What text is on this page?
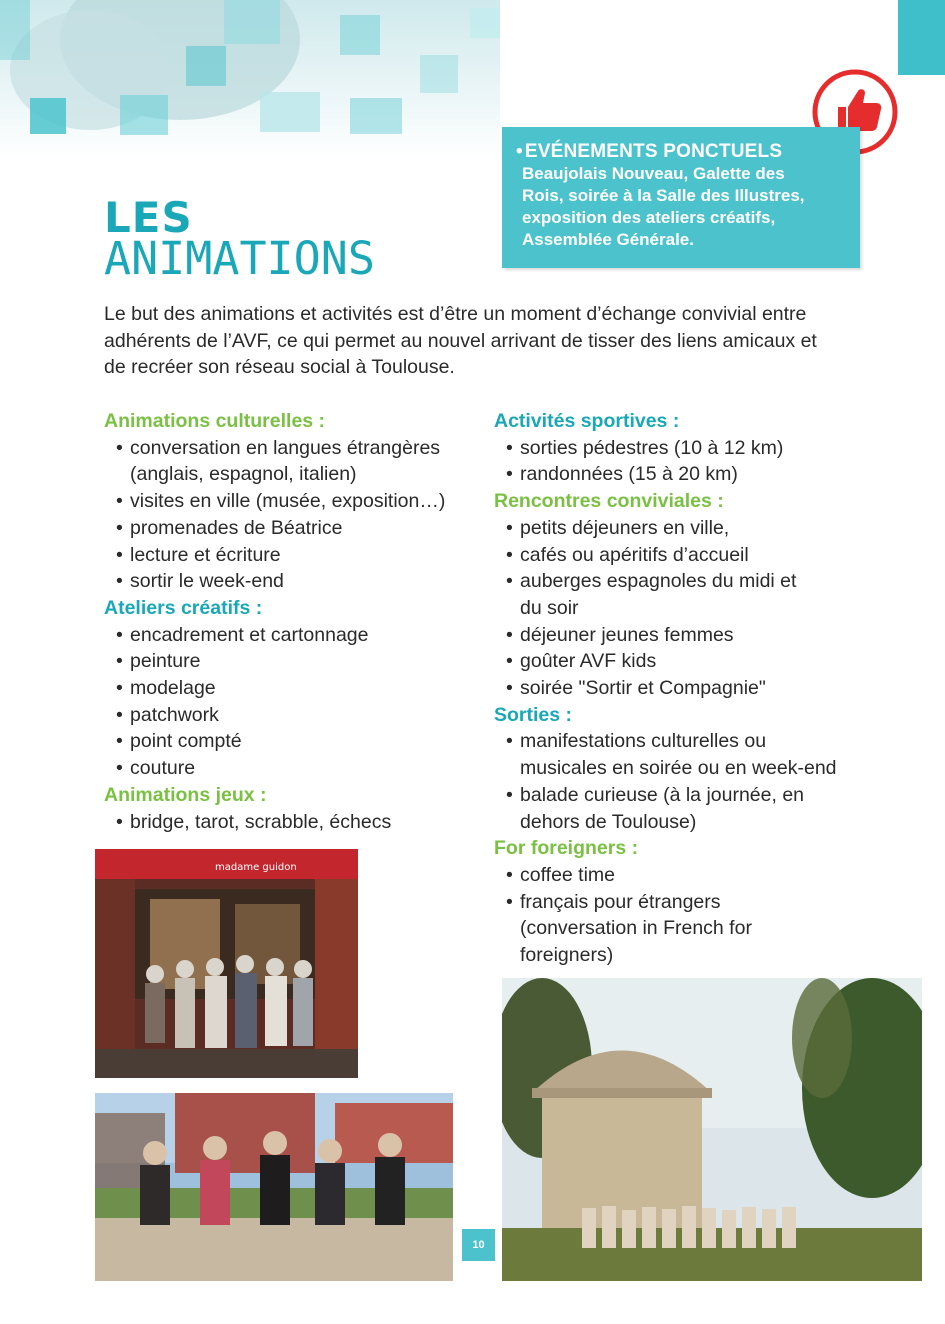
• EVÉNEMENTS PONCTUELS
Beaujolais Nouveau, Galette des
Rois, soirée à la Salle des Illustres,
exposition des ateliers créatifs,
Assemblée Générale.
LES
ANIMATIONS
Le but des animations et activités est d’être un moment d’échange convivial entre
adhérents de l’AVF, ce qui permet au nouvel arrivant de tisser des liens amicaux et
de recréer son réseau social à Toulouse.
Animations culturelles :
• conversation en langues étrangères
(anglais, espagnol, italien)
• visites en ville (musée, exposition…)
• promenades de Béatrice
• lecture et écriture
• sortir le week-end
Ateliers créatifs :
• encadrement et cartonnage
• peinture
• modelage
• patchwork
• point compté
• couture
Animations jeux :
• bridge, tarot, scrabble, échecs
Activités sportives :
• sorties pédestres (10 à 12 km)
• randonnées (15 à 20 km)
Rencontres conviviales :
• petits déjeuners en ville,
• cafés ou apéritifs d’accueil
• auberges espagnoles du midi et
du soir
• déjeuner jeunes femmes
• goûter AVF kids
• soirée "Sortir et Compagnie"
Sorties :
• manifestations culturelles ou
musicales en soirée ou en week-end
• balade curieuse (à la journée, en
dehors de Toulouse)
For foreigners :
• coffee time
• français pour étrangers
(conversation in French for
foreigners)
madame guidon
10
